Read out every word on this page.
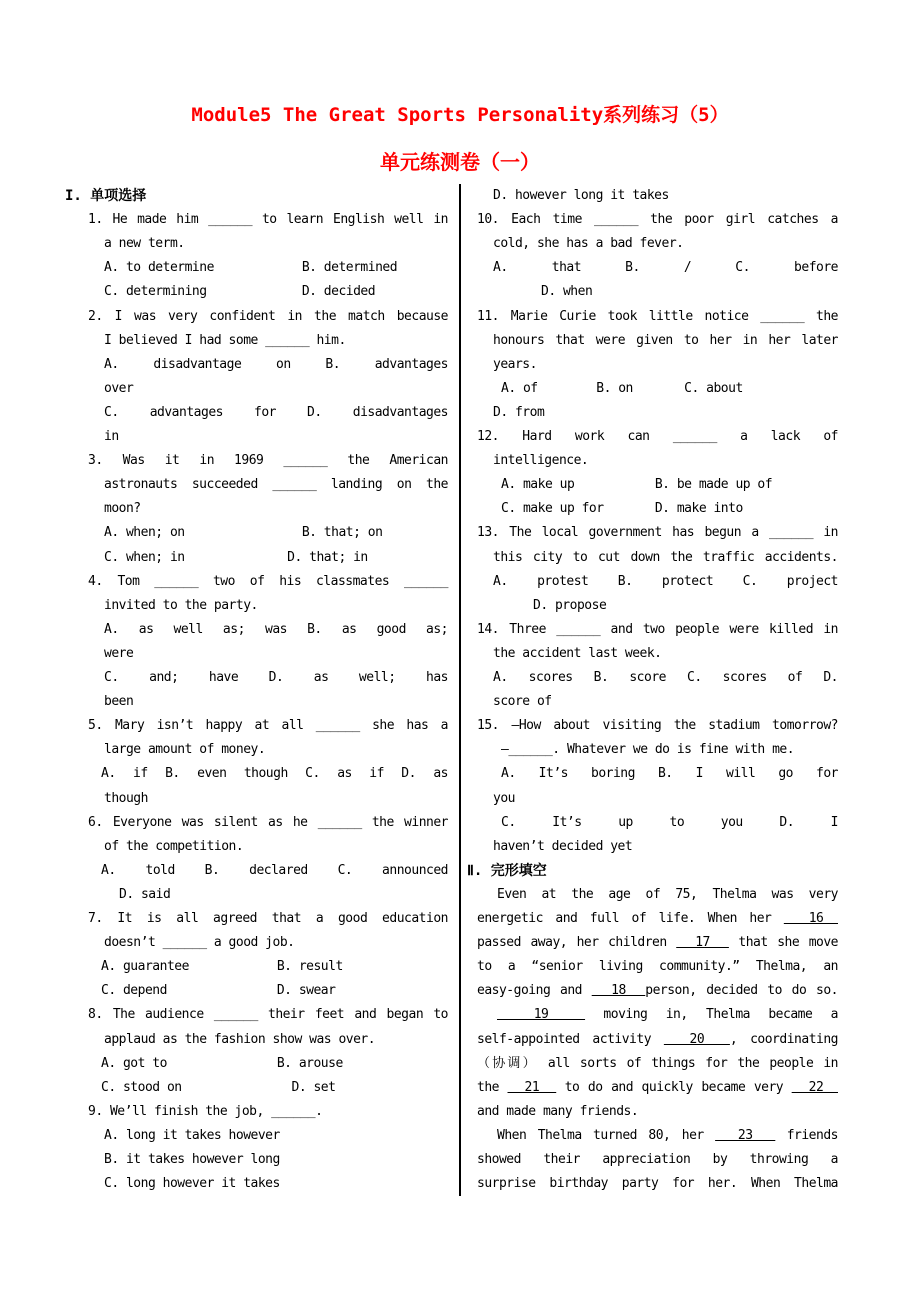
Module5 The Great Sports Personality系列练习（5）
单元练测卷（一）
I. 单项选择
1. He made him ______ to learn English well in
a new term.
A. to determine            B. determined
C. determining             D. decided
2. I was very confident in the match because
I believed I had some ______ him.
A. disadvantage on B. advantages
over
C. advantages for D. disadvantages
in
3. Was it in 1969 ______ the American
astronauts succeeded ______ landing on the
moon?
A. when; on                B. that; on
C. when; in              D. that; in
4. Tom ______ two of his classmates ______
invited to the party.
A. as well as; was B. as good as;
were
C. and; have D. as well; has
been
5. Mary isn’t happy at all ______ she has a
large amount of money.
A. if B. even though C. as if D. as
though
6. Everyone was silent as he ______ the winner
of the competition.
A. told B. declared C. announced
D. said
7. It is all agreed that a good education
doesn’t ______ a good job.
A. guarantee            B. result
C. depend               D. swear
8. The audience ______ their feet and began to
applaud as the fashion show was over.
A. got to               B. arouse
C. stood on               D. set
9. We’ll finish the job, ______.
A. long it takes however
B. it takes however long
C. long however it takes
D. however long it takes
10. Each time ______ the poor girl catches a
cold, she has a bad fever.
A. that B. / C. before
D. when
11. Marie Curie took little notice ______ the
honours that were given to her in her later
years.
A. of        B. on       C. about
D. from
12. Hard work can ______ a lack of
intelligence.
A. make up           B. be made up of
C. make up for       D. make into
13. The local government has begun a ______ in
this city to cut down the traffic accidents.
A. protest B. protect C. project
D. propose
14. Three ______ and two people were killed in
the accident last week.
A. scores B. score C. scores of D.
score of
15. —How about visiting the stadium tomorrow?
—______. Whatever we do is fine with me.
A. It’s boring B. I will go for
you
C. It’s up to you D. I
haven’t decided yet
Ⅱ. 完形填空
Even at the age of 75, Thelma was very
energetic and full of life. When her   16
passed away, her children   17   that she move
to a “senior living community.” Thelma, an
easy-going and   18  person, decided to do so.
19   moving in, Thelma became a
self-appointed activity   20  , coordinating
（协调） all sorts of things for the people in
the   21   to do and quickly became very   22
and made many friends.
When Thelma turned 80, her   23   friends
showed their appreciation by throwing a
surprise birthday party for her. When Thelma
